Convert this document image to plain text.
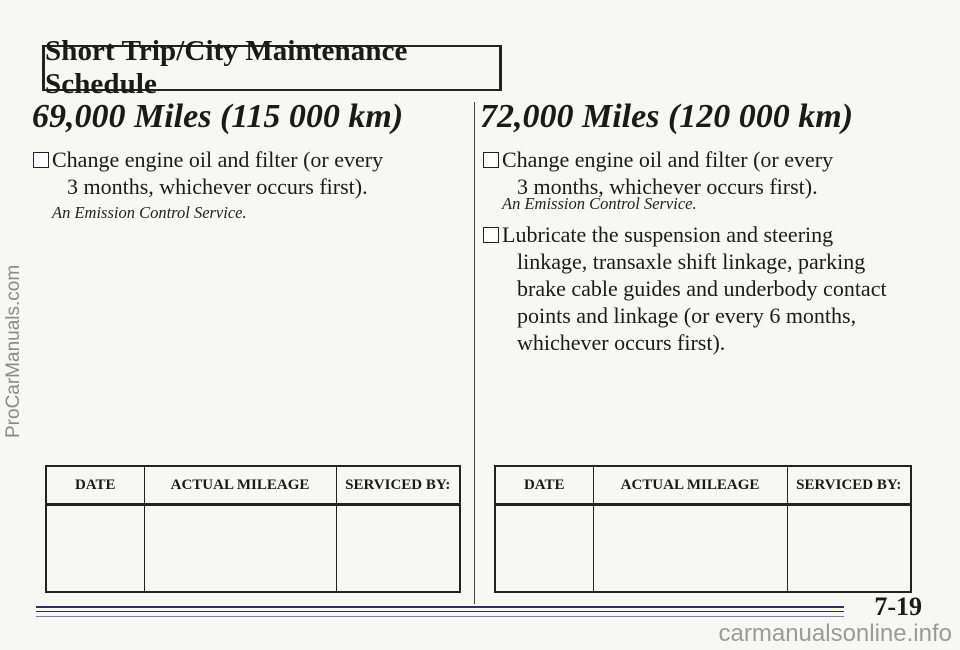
Short Trip/City Maintenance Schedule
69,000 Miles (115 000 km)
Change engine oil and filter (or every
3 months, whichever occurs first).
An Emission Control Service.
72,000 Miles (120 000 km)
Change engine oil and filter (or every
3 months, whichever occurs first).
An Emission Control Service.
Lubricate the suspension and steering
linkage, transaxle shift linkage, parking
brake cable guides and underbody contact
points and linkage (or every 6 months,
whichever occurs first).
DATE	ACTUAL MILEAGE	SERVICED BY:
			DATE	ACTUAL MILEAGE	SERVICED BY:

7-19
ProCarManuals.com
carmanualsonline.info
